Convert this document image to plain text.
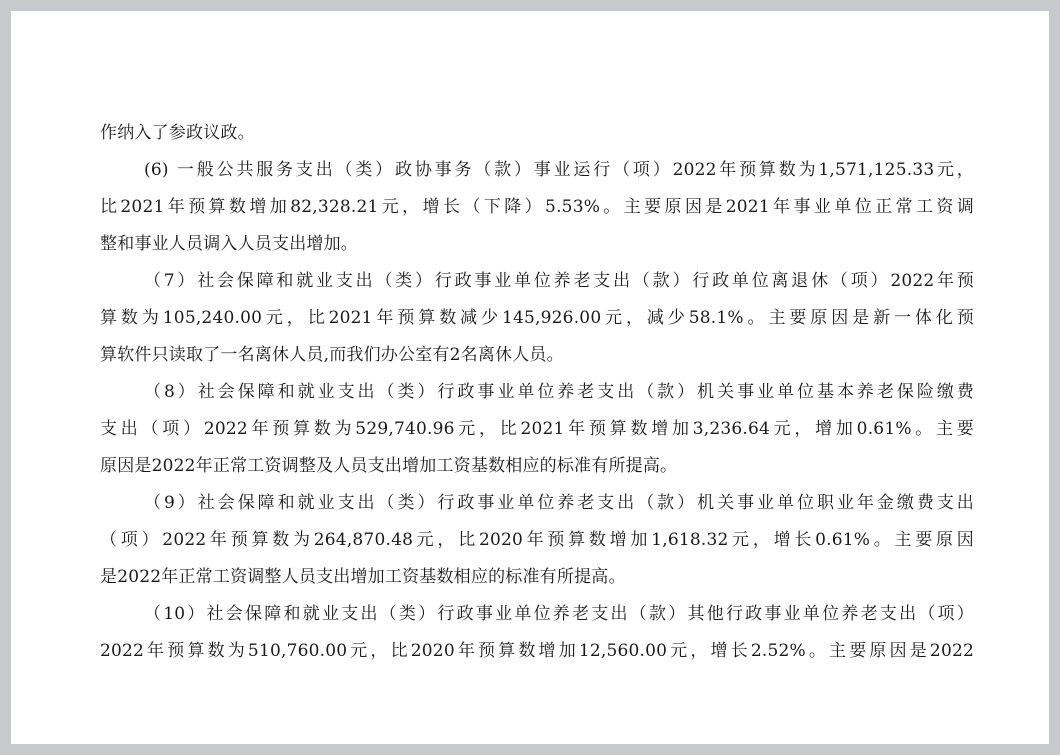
作纳入了参政议政。
(6) 一般公共服务支出（类）政协事务（款）事业运行（项）2022年预算数为1,571,125.33元，
比2021年预算数增加82,328.21元，增长（下降）5.53%。主要原因是2021年事业单位正常工资调
整和事业人员调入人员支出增加。
（7）社会保障和就业支出（类）行政事业单位养老支出（款）行政单位离退休（项）2022年预
算数为105,240.00元，比2021年预算数减少145,926.00元，减少58.1%。主要原因是新一体化预
算软件只读取了一名离休人员,而我们办公室有2名离休人员。
（8）社会保障和就业支出（类）行政事业单位养老支出（款）机关事业单位基本养老保险缴费
支出（项）2022年预算数为529,740.96元，比2021年预算数增加3,236.64元，增加0.61%。主要
原因是2022年正常工资调整及人员支出增加工资基数相应的标准有所提高。
（9）社会保障和就业支出（类）行政事业单位养老支出（款）机关事业单位职业年金缴费支出
（项）2022年预算数为264,870.48元，比2020年预算数增加1,618.32元，增长0.61%。主要原因
是2022年正常工资调整人员支出增加工资基数相应的标准有所提高。
（10）社会保障和就业支出（类）行政事业单位养老支出（款）其他行政事业单位养老支出（项）
2022年预算数为510,760.00元，比2020年预算数增加12,560.00元，增长2.52%。主要原因是2022
